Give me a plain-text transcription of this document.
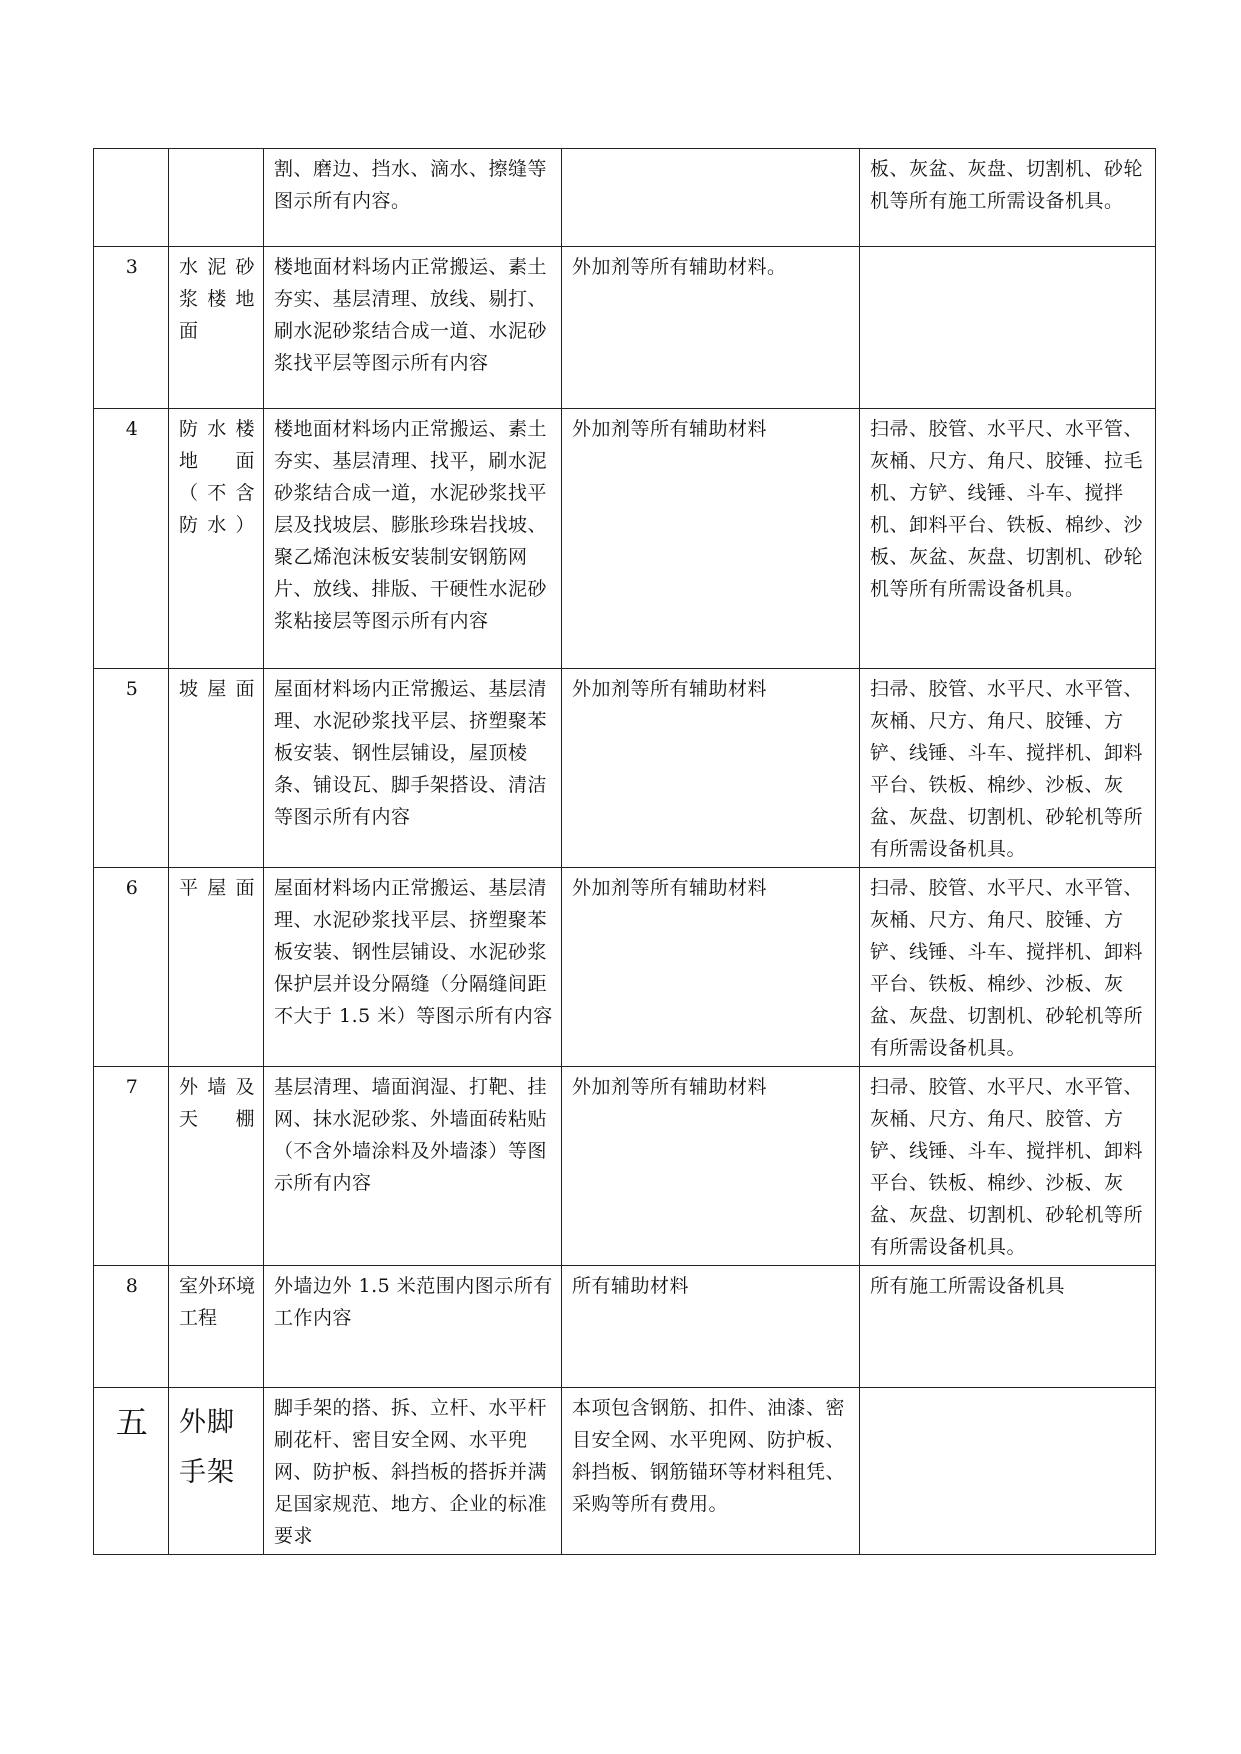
		割、磨边、挡水、滴水、擦缝等图示所有内容。		板、灰盆、灰盘、切割机、砂轮机等所有施工所需设备机具。
3	水泥砂浆楼地面	楼地面材料场内正常搬运、素土夯实、基层清理、放线、剔打、刷水泥砂浆结合成一道、水泥砂浆找平层等图示所有内容	外加剂等所有辅助材料。	
4	防水楼地面（不含防水）	楼地面材料场内正常搬运、素土夯实、基层清理、找平，刷水泥砂浆结合成一道，水泥砂浆找平层及找坡层、膨胀珍珠岩找坡、聚乙烯泡沫板安装制安钢筋网片、放线、排版、干硬性水泥砂浆粘接层等图示所有内容	外加剂等所有辅助材料	扫帚、胶管、水平尺、水平管、灰桶、尺方、角尺、胶锤、拉毛机、方铲、线锤、斗车、搅拌机、卸料平台、铁板、棉纱、沙板、灰盆、灰盘、切割机、砂轮机等所有所需设备机具。
5	坡屋面	屋面材料场内正常搬运、基层清理、水泥砂浆找平层、挤塑聚苯板安装、钢性层铺设，屋顶棱条、铺设瓦、脚手架搭设、清洁等图示所有内容	外加剂等所有辅助材料	扫帚、胶管、水平尺、水平管、灰桶、尺方、角尺、胶锤、方铲、线锤、斗车、搅拌机、卸料平台、铁板、棉纱、沙板、灰盆、灰盘、切割机、砂轮机等所有所需设备机具。
6	平屋面	屋面材料场内正常搬运、基层清理、水泥砂浆找平层、挤塑聚苯板安装、钢性层铺设、水泥砂浆保护层并设分隔缝（分隔缝间距不大于 1.5 米）等图示所有内容	外加剂等所有辅助材料	扫帚、胶管、水平尺、水平管、灰桶、尺方、角尺、胶锤、方铲、线锤、斗车、搅拌机、卸料平台、铁板、棉纱、沙板、灰盆、灰盘、切割机、砂轮机等所有所需设备机具。
7	外墙及天棚	基层清理、墙面润湿、打靶、挂网、抹水泥砂浆、外墙面砖粘贴（不含外墙涂料及外墙漆）等图示所有内容	外加剂等所有辅助材料	扫帚、胶管、水平尺、水平管、灰桶、尺方、角尺、胶管、方铲、线锤、斗车、搅拌机、卸料平台、铁板、棉纱、沙板、灰盆、灰盘、切割机、砂轮机等所有所需设备机具。
8	室外环境工程	外墙边外 1.5 米范围内图示所有工作内容	所有辅助材料	所有施工所需设备机具
五	外脚手架	脚手架的搭、拆、立杆、水平杆刷花杆、密目安全网、水平兜网、防护板、斜挡板的搭拆并满足国家规范、地方、企业的标准要求	本项包含钢筋、扣件、油漆、密目安全网、水平兜网、防护板、斜挡板、钢筋锚环等材料租凭、采购等所有费用。	
